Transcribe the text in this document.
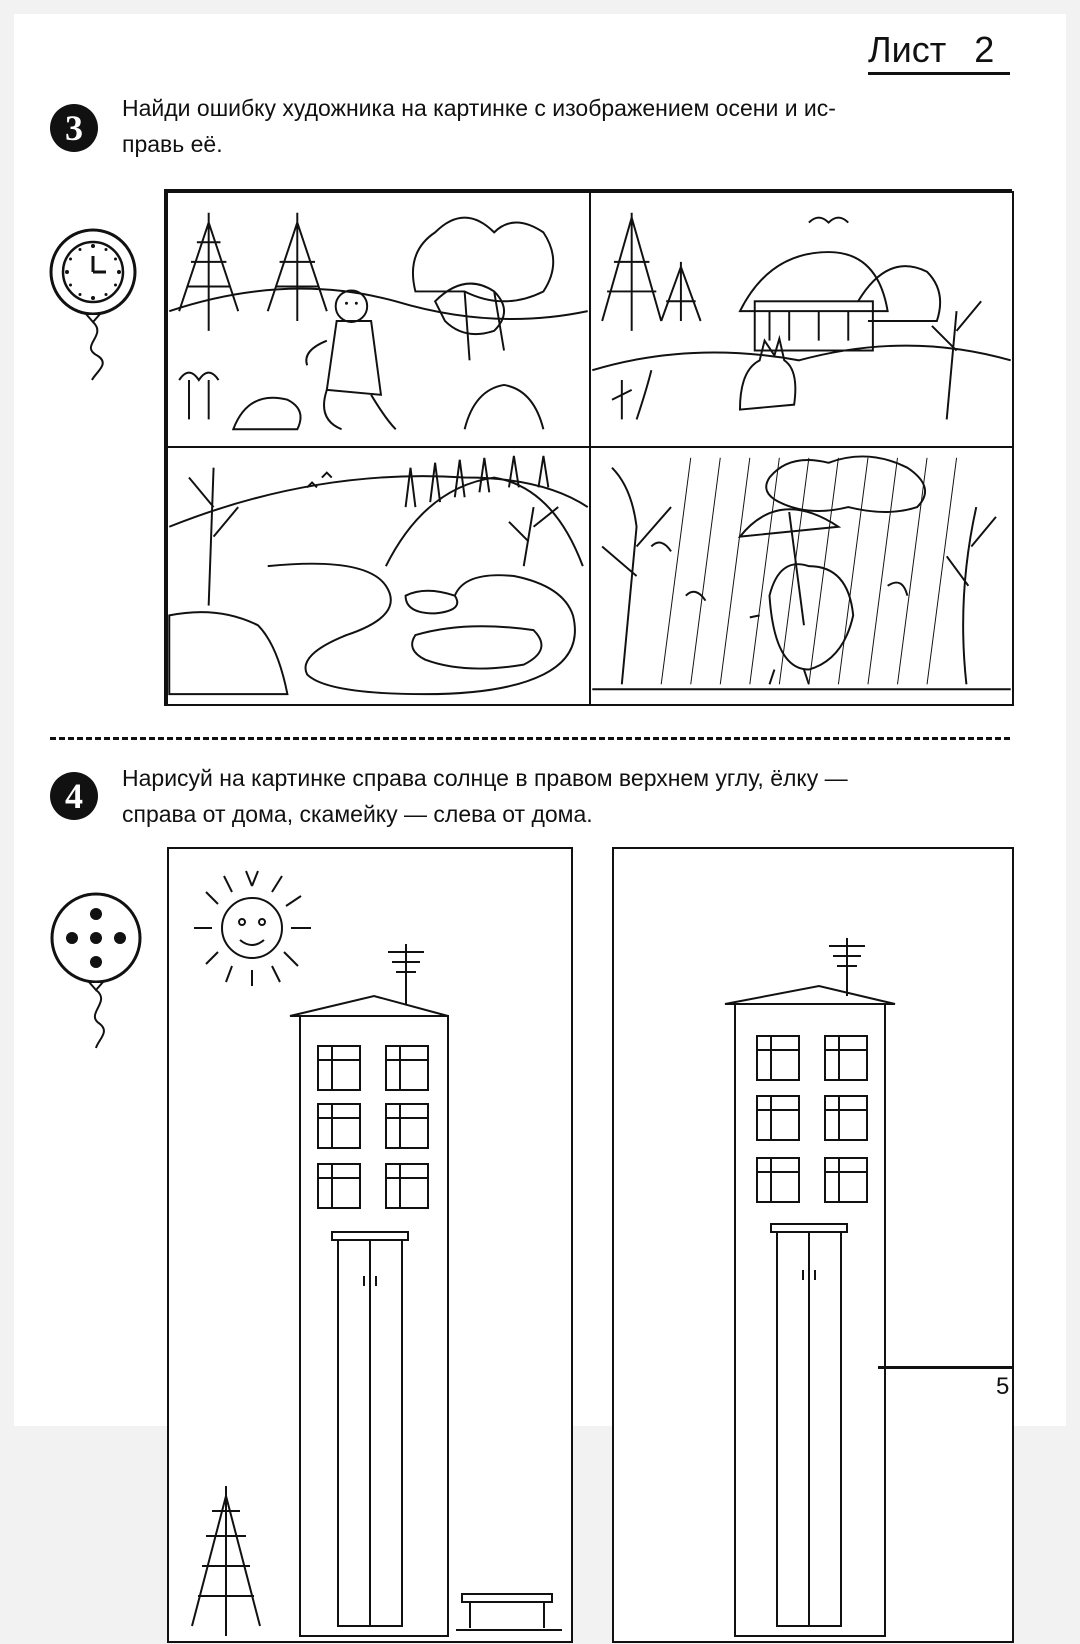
Лист 2
3	Найди ошибку художника на картинке с изображением осени и ис-
правь её.
4	Нарисуй на картинке справа солнце в правом верхнем углу, ёлку —
справа от дома, скамейку — слева от дома.
5
